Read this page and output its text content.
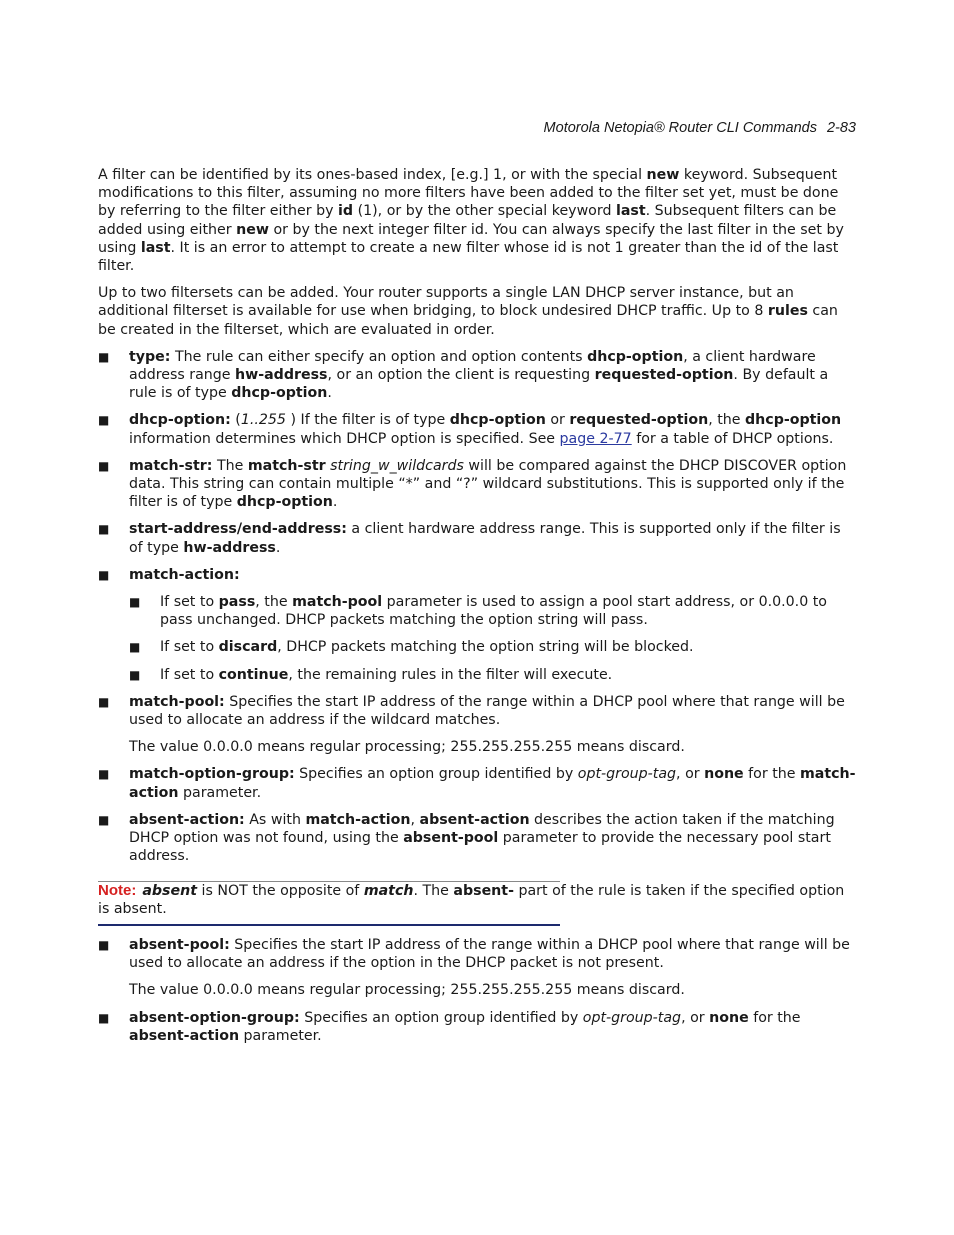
Motorola Netopia® Router CLI Commands 2-83

A filter can be identified by its ones-based index, [e.g.] 1, or with the special new keyword. Subsequent modifications to this filter, assuming no more filters have been added to the filter set yet, must be done by referring to the filter either by id (1), or by the other special keyword last. Subsequent filters can be added using either new or by the next integer filter id. You can always specify the last filter in the set by using last. It is an error to attempt to create a new filter whose id is not 1 greater than the id of the last filter.

Up to two filtersets can be added. Your router supports a single LAN DHCP server instance, but an additional filterset is available for use when bridging, to block undesired DHCP traffic. Up to 8 rules can be created in the filterset, which are evaluated in order.

■ type: The rule can either specify an option and option contents dhcp-option, a client hardware address range hw-address, or an option the client is requesting requested-option. By default a rule is of type dhcp-option.
■ dhcp-option: (1..255 ) If the filter is of type dhcp-option or requested-option, the dhcp-option information determines which DHCP option is specified. See page 2-77 for a table of DHCP options.
■ match-str: The match-str string_w_wildcards will be compared against the DHCP DISCOVER option data. This string can contain multiple “*” and “?” wildcard substitutions. This is supported only if the filter is of type dhcp-option.
■ start-address/end-address: a client hardware address range. This is supported only if the filter is of type hw-address.
■ match-action:
■ If set to pass, the match-pool parameter is used to assign a pool start address, or 0.0.0.0 to pass unchanged. DHCP packets matching the option string will pass.
■ If set to discard, DHCP packets matching the option string will be blocked.
■ If set to continue, the remaining rules in the filter will execute.
■ match-pool: Specifies the start IP address of the range within a DHCP pool where that range will be used to allocate an address if the wildcard matches.
The value 0.0.0.0 means regular processing; 255.255.255.255 means discard.
■ match-option-group: Specifies an option group identified by opt-group-tag, or none for the match-action parameter.
■ absent-action: As with match-action, absent-action describes the action taken if the matching DHCP option was not found, using the absent-pool parameter to provide the necessary pool start address.
Note: absent is NOT the opposite of match. The absent- part of the rule is taken if the specified option is absent.
■ absent-pool: Specifies the start IP address of the range within a DHCP pool where that range will be used to allocate an address if the option in the DHCP packet is not present.
The value 0.0.0.0 means regular processing; 255.255.255.255 means discard.
■ absent-option-group: Specifies an option group identified by opt-group-tag, or none for the absent-action parameter.
